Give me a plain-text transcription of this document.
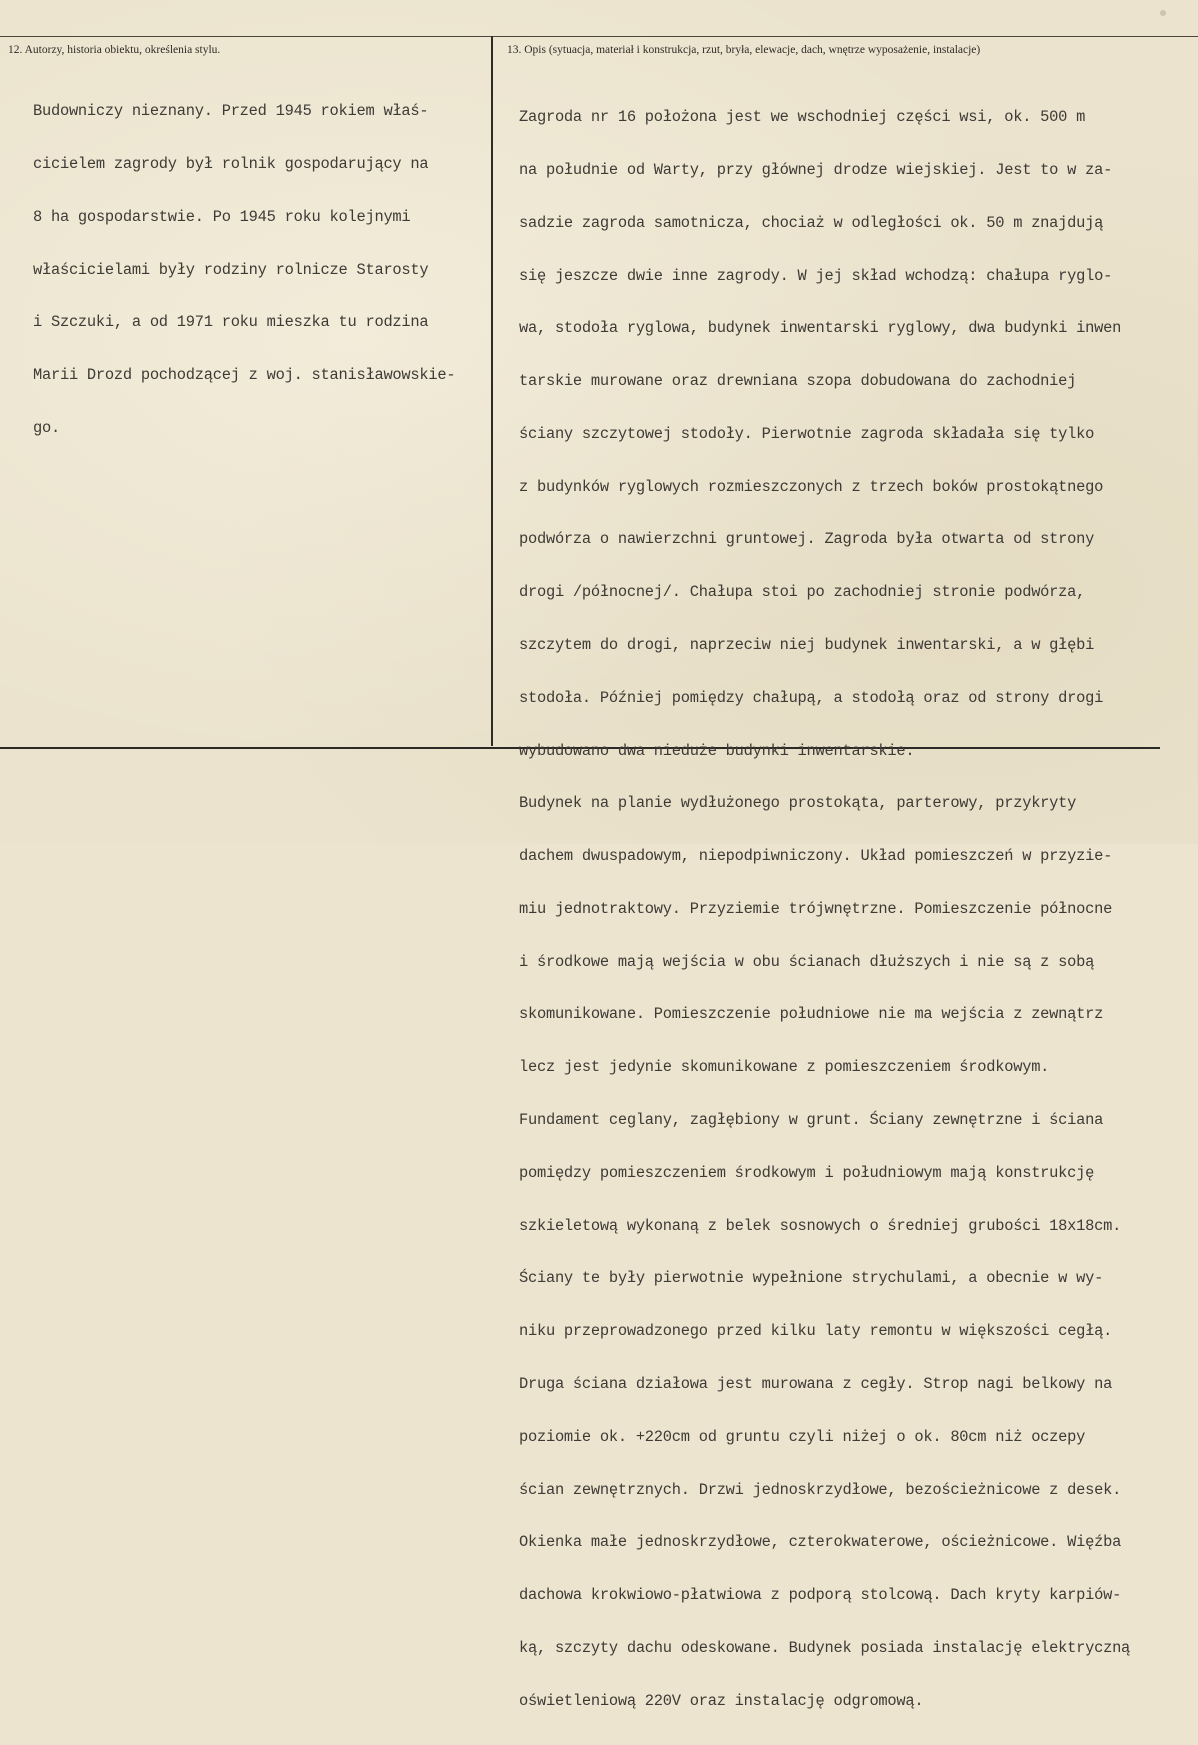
12. Autorzy, historia obiektu, określenia stylu.	13. Opis (sytuacja, materiał i konstrukcja, rzut, bryła, elewacje, dach, wnętrze wyposażenie, instalacje)

Budowniczy nieznany. Przed 1945 rokiem właś-

cicielem zagrody był rolnik gospodarujący na

8 ha gospodarstwie. Po 1945 roku kolejnymi

właścicielami były rodziny rolnicze Starosty

i Szczuki, a od 1971 roku mieszka tu rodzina

Marii Drozd pochodzącej z woj. stanisławowskie-

go.

Zagroda nr 16 położona jest we wschodniej części wsi, ok. 500 m

na południe od Warty, przy głównej drodze wiejskiej. Jest to w za-

sadzie zagroda samotnicza, chociaż w odległości ok. 50 m znajdują

się jeszcze dwie inne zagrody. W jej skład wchodzą: chałupa ryglo-

wa, stodoła ryglowa, budynek inwentarski ryglowy, dwa budynki inwen

tarskie murowane oraz drewniana szopa dobudowana do zachodniej

ściany szczytowej stodoły. Pierwotnie zagroda składała się tylko

z budynków ryglowych rozmieszczonych z trzech boków prostokątnego

podwórza o nawierzchni gruntowej. Zagroda była otwarta od strony

drogi /północnej/. Chałupa stoi po zachodniej stronie podwórza,

szczytem do drogi, naprzeciw niej budynek inwentarski, a w głębi

stodoła. Później pomiędzy chałupą, a stodołą oraz od strony drogi

wybudowano dwa nieduże budynki inwentarskie.

Budynek na planie wydłużonego prostokąta, parterowy, przykryty

dachem dwuspadowym, niepodpiwniczony. Układ pomieszczeń w przyzie-

miu jednotraktowy. Przyziemie trójwnętrzne. Pomieszczenie północne

i środkowe mają wejścia w obu ścianach dłuższych i nie są z sobą

skomunikowane. Pomieszczenie południowe nie ma wejścia z zewnątrz

lecz jest jedynie skomunikowane z pomieszczeniem środkowym.

Fundament ceglany, zagłębiony w grunt. Ściany zewnętrzne i ściana

pomiędzy pomieszczeniem środkowym i południowym mają konstrukcję

szkieletową wykonaną z belek sosnowych o średniej grubości 18x18cm.

Ściany te były pierwotnie wypełnione strychulami, a obecnie w wy-

niku przeprowadzonego przed kilku laty remontu w większości cegłą.

Druga ściana działowa jest murowana z cegły. Strop nagi belkowy na

poziomie ok. +220cm od gruntu czyli niżej o ok. 80cm niż oczepy

ścian zewnętrznych. Drzwi jednoskrzydłowe, bezościeżnicowe z desek.

Okienka małe jednoskrzydłowe, czterokwaterowe, ościeżnicowe. Więźba

dachowa krokwiowo-płatwiowa z podporą stolcową. Dach kryty karpiów-

ką, szczyty dachu odeskowane. Budynek posiada instalację elektryczną

oświetleniową 220V oraz instalację odgromową.
